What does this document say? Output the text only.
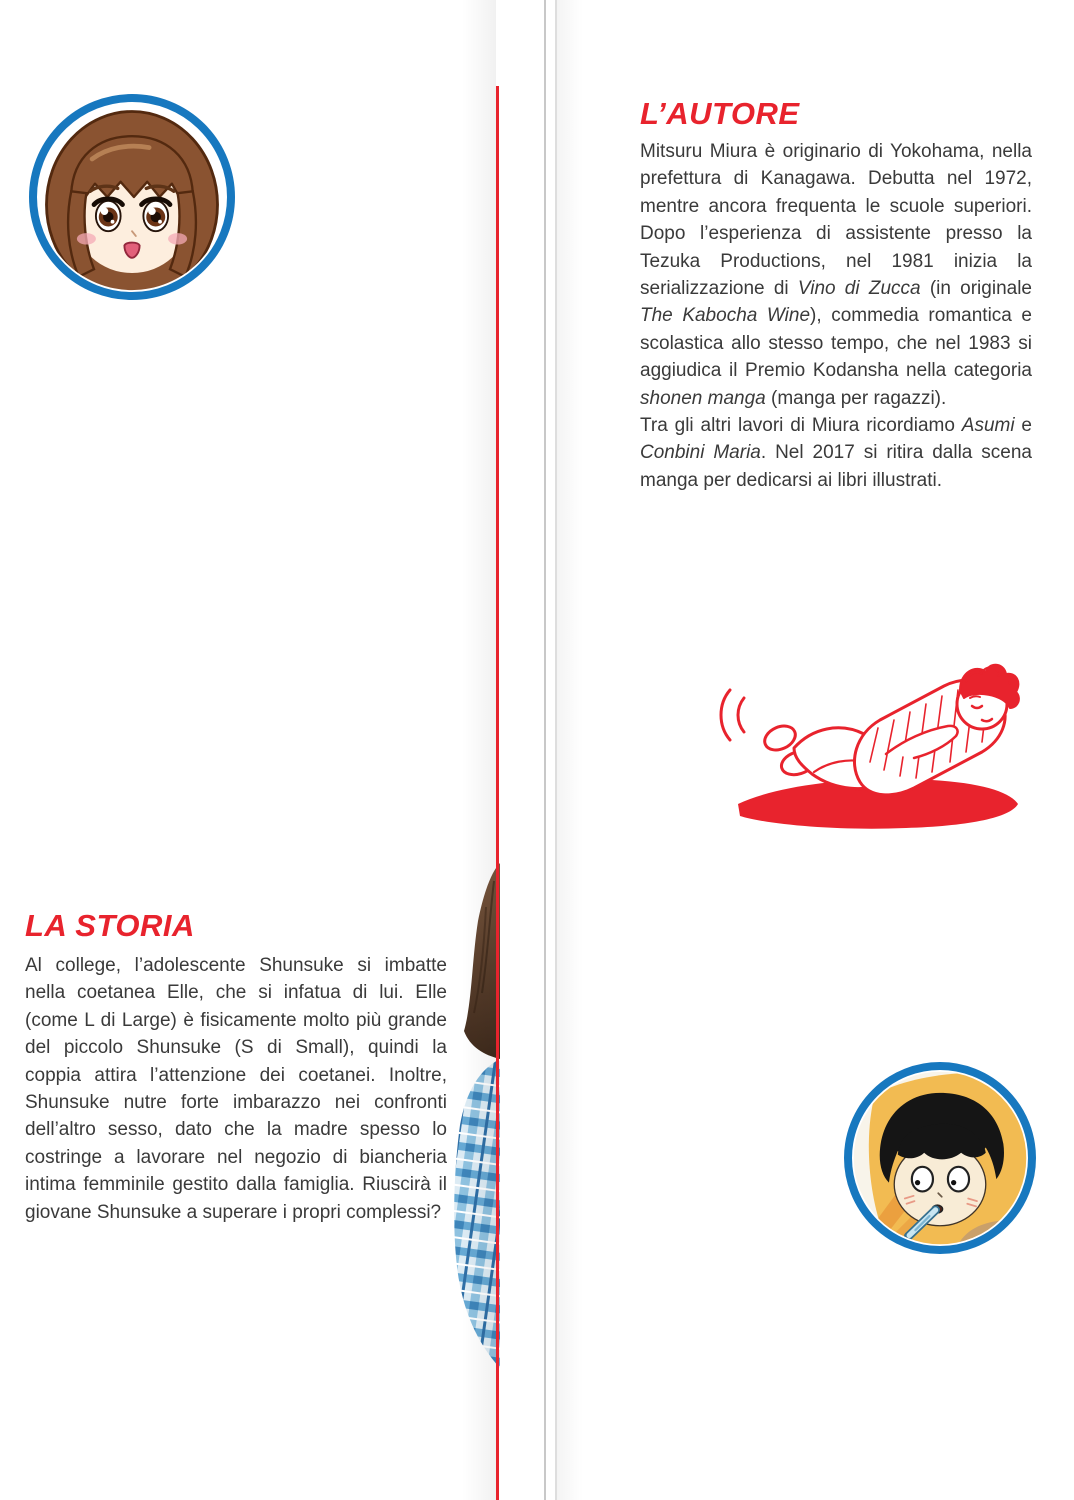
LA STORIA
Al college, l’adolescente Shunsuke si imbatte nella coetanea Elle, che si infatua di lui. Elle (come L di Large) è fisicamente molto più grande del piccolo Shunsuke (S di Small), quindi la coppia attira l’attenzione dei coetanei. Inoltre, Shunsuke nutre forte imbarazzo nei confronti dell’altro sesso, dato che la madre spesso lo costringe a lavorare nel negozio di biancheria intima femminile gestito dalla famiglia. Riuscirà il giovane Shunsuke a superare i propri complessi?
L’AUTORE

Mitsuru Miura è originario di Yokohama, nella prefettura di Kanagawa. Debutta nel 1972, mentre ancora frequenta le scuole superiori. Dopo l’esperienza di assistente presso la Tezuka Productions, nel 1981 inizia la serializzazione di Vino di Zucca (in originale The Kabocha Wine), commedia romantica e scolastica allo stesso tempo, che nel 1983 si aggiudica il Premio Kodansha nella categoria shonen manga (manga per ragazzi).

Tra gli altri lavori di Miura ricordiamo Asumi e Conbini Maria. Nel 2017 si ritira dalla scena manga per dedicarsi ai libri illustrati.
